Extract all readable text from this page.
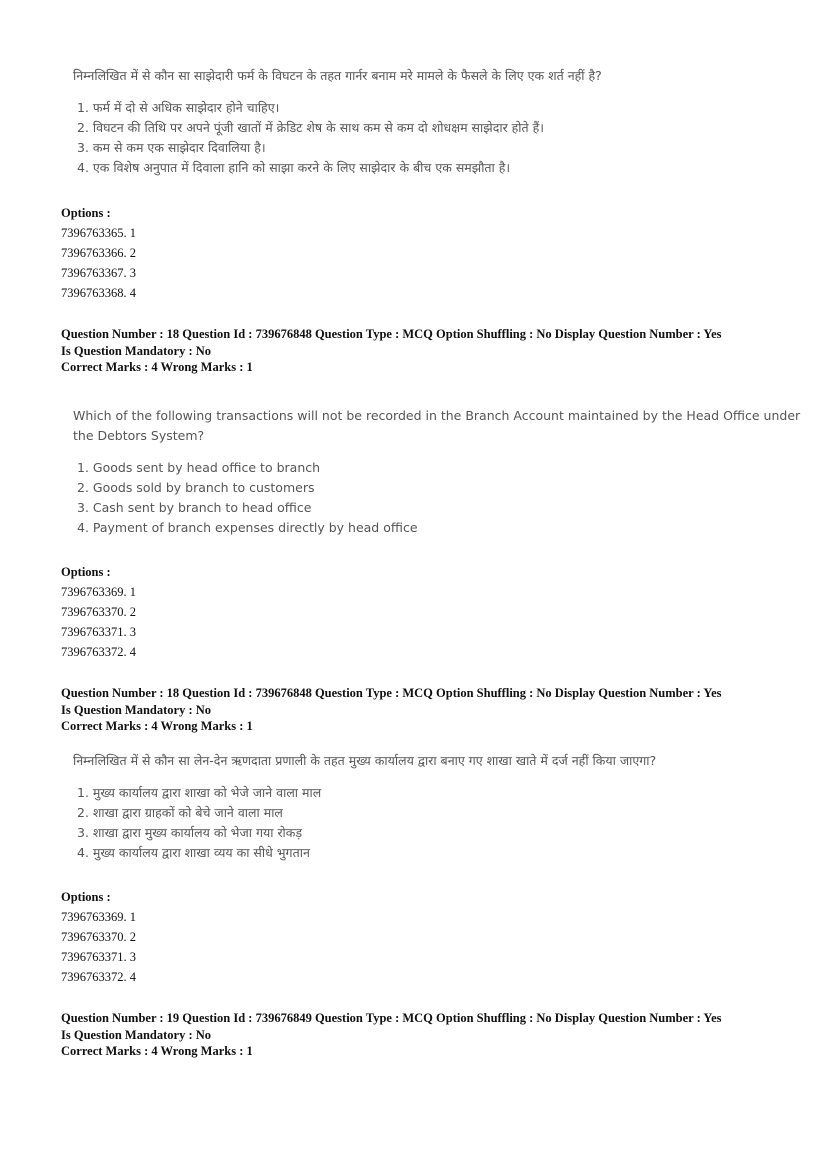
निम्नलिखित में से कौन सा साझेदारी फर्म के विघटन के तहत गार्नर बनाम मरे मामले के फैसले के लिए एक शर्त नहीं है?
1. फर्म में दो से अधिक साझेदार होने चाहिए।
2. विघटन की तिथि पर अपने पूंजी खातों में क्रेडिट शेष के साथ कम से कम दो शोधक्षम साझेदार होते हैं।
3. कम से कम एक साझेदार दिवालिया है।
4. एक विशेष अनुपात में दिवाला हानि को साझा करने के लिए साझेदार के बीच एक समझौता है।
Options :
7396763365. 1
7396763366. 2
7396763367. 3
7396763368. 4
Question Number : 18 Question Id : 739676848 Question Type : MCQ Option Shuffling : No Display Question Number : Yes
Is Question Mandatory : No
Correct Marks : 4 Wrong Marks : 1
Which of the following transactions will not be recorded in the Branch Account maintained by the Head Office under
the Debtors System?
1. Goods sent by head office to branch
2. Goods sold by branch to customers
3. Cash sent by branch to head office
4. Payment of branch expenses directly by head office
Options :
7396763369. 1
7396763370. 2
7396763371. 3
7396763372. 4
Question Number : 18 Question Id : 739676848 Question Type : MCQ Option Shuffling : No Display Question Number : Yes
Is Question Mandatory : No
Correct Marks : 4 Wrong Marks : 1
निम्नलिखित में से कौन सा लेन-देन ऋणदाता प्रणाली के तहत मुख्य कार्यालय द्वारा बनाए गए शाखा खाते में दर्ज नहीं किया जाएगा?
1. मुख्य कार्यालय द्वारा शाखा को भेजे जाने वाला माल
2. शाखा द्वारा ग्राहकों को बेचे जाने वाला माल
3. शाखा द्वारा मुख्य कार्यालय को भेजा गया रोकड़
4. मुख्य कार्यालय द्वारा शाखा व्यय का सीधे भुगतान
Options :
7396763369. 1
7396763370. 2
7396763371. 3
7396763372. 4
Question Number : 19 Question Id : 739676849 Question Type : MCQ Option Shuffling : No Display Question Number : Yes
Is Question Mandatory : No
Correct Marks : 4 Wrong Marks : 1
